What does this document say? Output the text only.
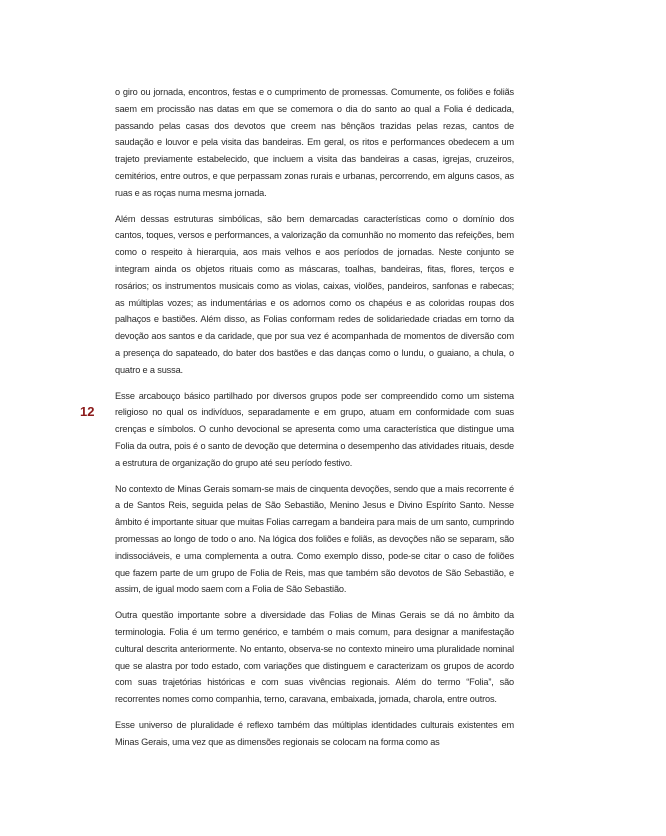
12

o giro ou jornada, encontros, festas e o cumprimento de promessas. Comumente, os foliões e foliãs saem em procissão nas datas em que se comemora o dia do santo ao qual a Folia é dedicada, passando pelas casas dos devotos que creem nas bênçãos trazidas pelas rezas, cantos de saudação e louvor e pela visita das bandeiras. Em geral, os ritos e performances obedecem a um trajeto previamente estabelecido, que incluem a visita das bandeiras a casas, igrejas, cruzeiros, cemitérios, entre outros, e que perpassam zonas rurais e urbanas, percorrendo, em alguns casos, as ruas e as roças numa mesma jornada.

Além dessas estruturas simbólicas, são bem demarcadas características como o domínio dos cantos, toques, versos e performances, a valorização da comunhão no momento das refeições, bem como o respeito à hierarquia, aos mais velhos e aos períodos de jornadas. Neste conjunto se integram ainda os objetos rituais como as máscaras, toalhas, bandeiras, fitas, flores, terços e rosários; os instrumentos musicais como as violas, caixas, violões, pandeiros, sanfonas e rabecas; as múltiplas vozes; as indumentárias e os adornos como os chapéus e as coloridas roupas dos palhaços e bastiões. Além disso, as Folias conformam redes de solidariedade criadas em torno da devoção aos santos e da caridade, que por sua vez é acompanhada de momentos de diversão com a presença do sapateado, do bater dos bastões e das danças como o lundu, o guaiano, a chula, o quatro e a sussa.

Esse arcabouço básico partilhado por diversos grupos pode ser compreendido como um sistema religioso no qual os indivíduos, separadamente e em grupo, atuam em conformidade com suas crenças e símbolos. O cunho devocional se apresenta como uma característica que distingue uma Folia da outra, pois é o santo de devoção que determina o desempenho das atividades rituais, desde a estrutura de organização do grupo até seu período festivo.

No contexto de Minas Gerais somam-se mais de cinquenta devoções, sendo que a mais recorrente é a de Santos Reis, seguida pelas de São Sebastião, Menino Jesus e Divino Espírito Santo. Nesse âmbito é importante situar que muitas Folias carregam a bandeira para mais de um santo, cumprindo promessas ao longo de todo o ano. Na lógica dos foliões e foliãs, as devoções não se separam, são indissociáveis, e uma complementa a outra. Como exemplo disso, pode-se citar o caso de foliões que fazem parte de um grupo de Folia de Reis, mas que também são devotos de São Sebastião, e assim, de igual modo saem com a Folia de São Sebastião.

Outra questão importante sobre a diversidade das Folias de Minas Gerais se dá no âmbito da terminologia. Folia é um termo genérico, e também o mais comum, para designar a manifestação cultural descrita anteriormente. No entanto, observa-se no contexto mineiro uma pluralidade nominal que se alastra por todo estado, com variações que distinguem e caracterizam os grupos de acordo com suas trajetórias históricas e com suas vivências regionais. Além do termo “Folia”, são recorrentes nomes como companhia, terno, caravana, embaixada, jornada, charola, entre outros.

Esse universo de pluralidade é reflexo também das múltiplas identidades culturais existentes em Minas Gerais, uma vez que as dimensões regionais se colocam na forma como as
